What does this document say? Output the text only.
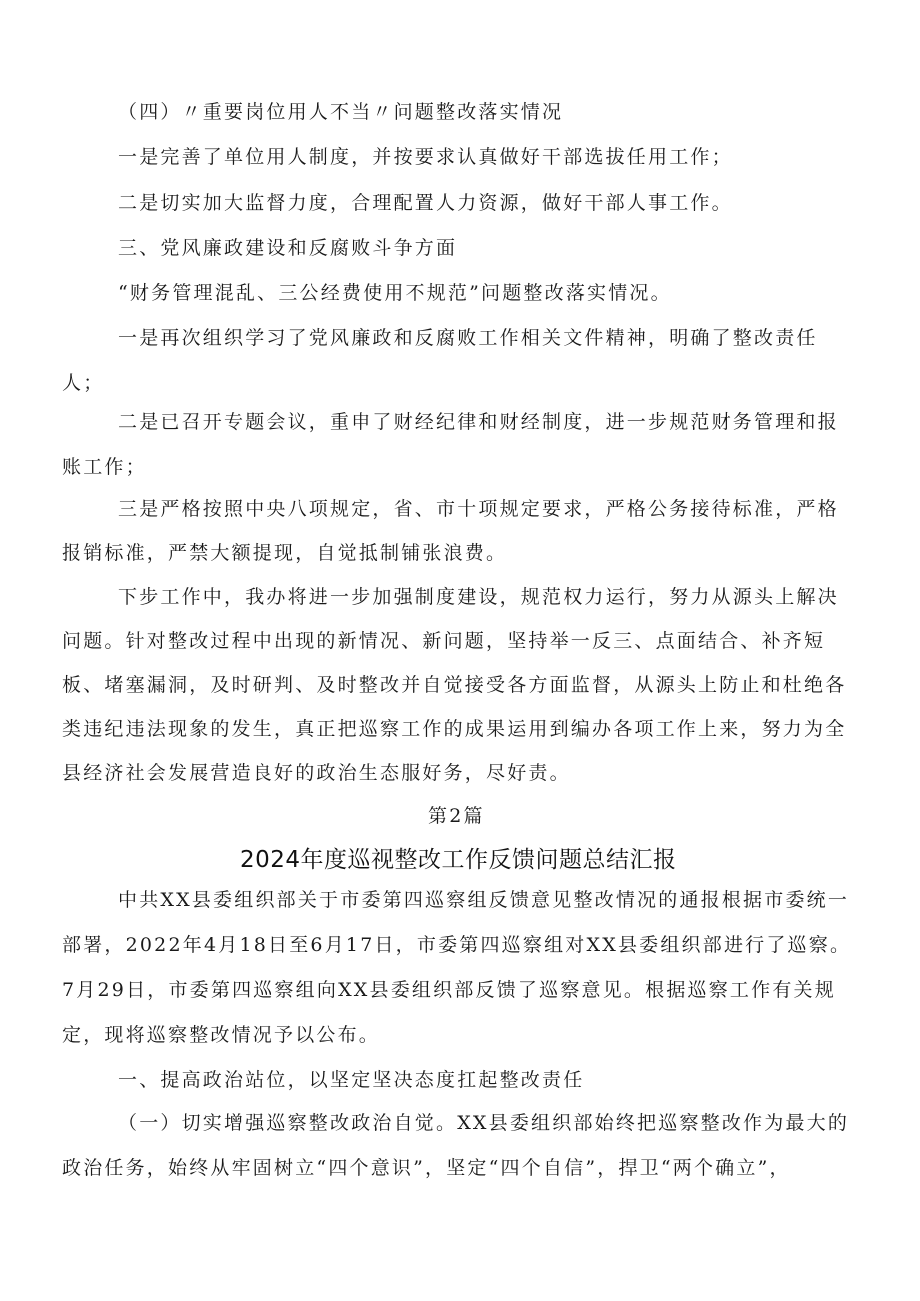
（四）〃重要岗位用人不当〃问题整改落实情况

一是完善了单位用人制度，并按要求认真做好干部选拔任用工作；

二是切实加大监督力度，合理配置人力资源，做好干部人事工作。

三、党风廉政建设和反腐败斗争方面

“财务管理混乱、三公经费使用不规范”问题整改落实情况。

一是再次组织学习了党风廉政和反腐败工作相关文件精神，明确了整改责任

人；

二是已召开专题会议，重申了财经纪律和财经制度，进一步规范财务管理和报

账工作；

三是严格按照中央八项规定，省、市十项规定要求，严格公务接待标准，严格

报销标准，严禁大额提现，自觉抵制铺张浪费。

下步工作中，我办将进一步加强制度建设，规范权力运行，努力从源头上解决

问题。针对整改过程中出现的新情况、新问题，坚持举一反三、点面结合、补齐短

板、堵塞漏洞，及时研判、及时整改并自觉接受各方面监督，从源头上防止和杜绝各

类违纪违法现象的发生，真正把巡察工作的成果运用到编办各项工作上来，努力为全

县经济社会发展营造良好的政治生态服好务，尽好责。

第2篇

2024年度巡视整改工作反馈问题总结汇报

中共XX县委组织部关于市委第四巡察组反馈意见整改情况的通报根据市委统一

部署，2022年4月18日至6月17日，市委第四巡察组对XX县委组织部进行了巡察。

7月29日，市委第四巡察组向XX县委组织部反馈了巡察意见。根据巡察工作有关规

定，现将巡察整改情况予以公布。

一、提高政治站位，以坚定坚决态度扛起整改责任

（一）切实增强巡察整改政治自觉。XX县委组织部始终把巡察整改作为最大的

政治任务，始终从牢固树立“四个意识”，坚定“四个自信”，捍卫“两个确立”，
